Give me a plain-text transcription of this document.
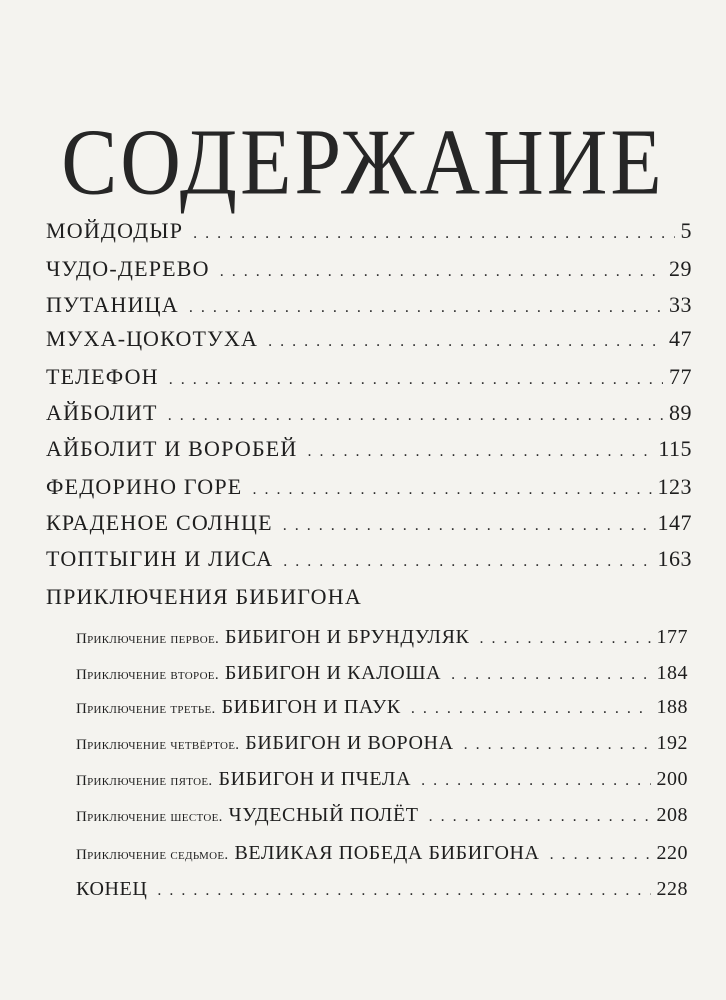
СОДЕРЖАНИЕ
МОЙДОДЫР . . .	5
ЧУДО-ДЕРЕВО . . .	29
ПУТАНИЦА . . .	33
МУХА-ЦОКОТУХА . . .	47
ТЕЛЕФОН . . .	77
АЙБОЛИТ . . .	89
АЙБОЛИТ И ВОРОБЕЙ . . .	115
ФЕДОРИНО ГОРЕ . . .	123
КРАДЕНОЕ СОЛНЦЕ . . .	147
ТОПТЫГИН И ЛИСА . . .	163
ПРИКЛЮЧЕНИЯ БИБИГОНА
Приключение первое. БИБИГОН И БРУНДУЛЯК . . .	177
Приключение второе. БИБИГОН И КАЛОША . . .	184
Приключение третье. БИБИГОН И ПАУК . . .	188
Приключение четвёртое. БИБИГОН И ВОРОНА . . .	192
Приключение пятое. БИБИГОН И ПЧЕЛА . . .	200
Приключение шестое. ЧУДЕСНЫЙ ПОЛЁТ . . .	208
Приключение седьмое. ВЕЛИКАЯ ПОБЕДА БИБИГОНА . . .	220
КОНЕЦ . . .	228
